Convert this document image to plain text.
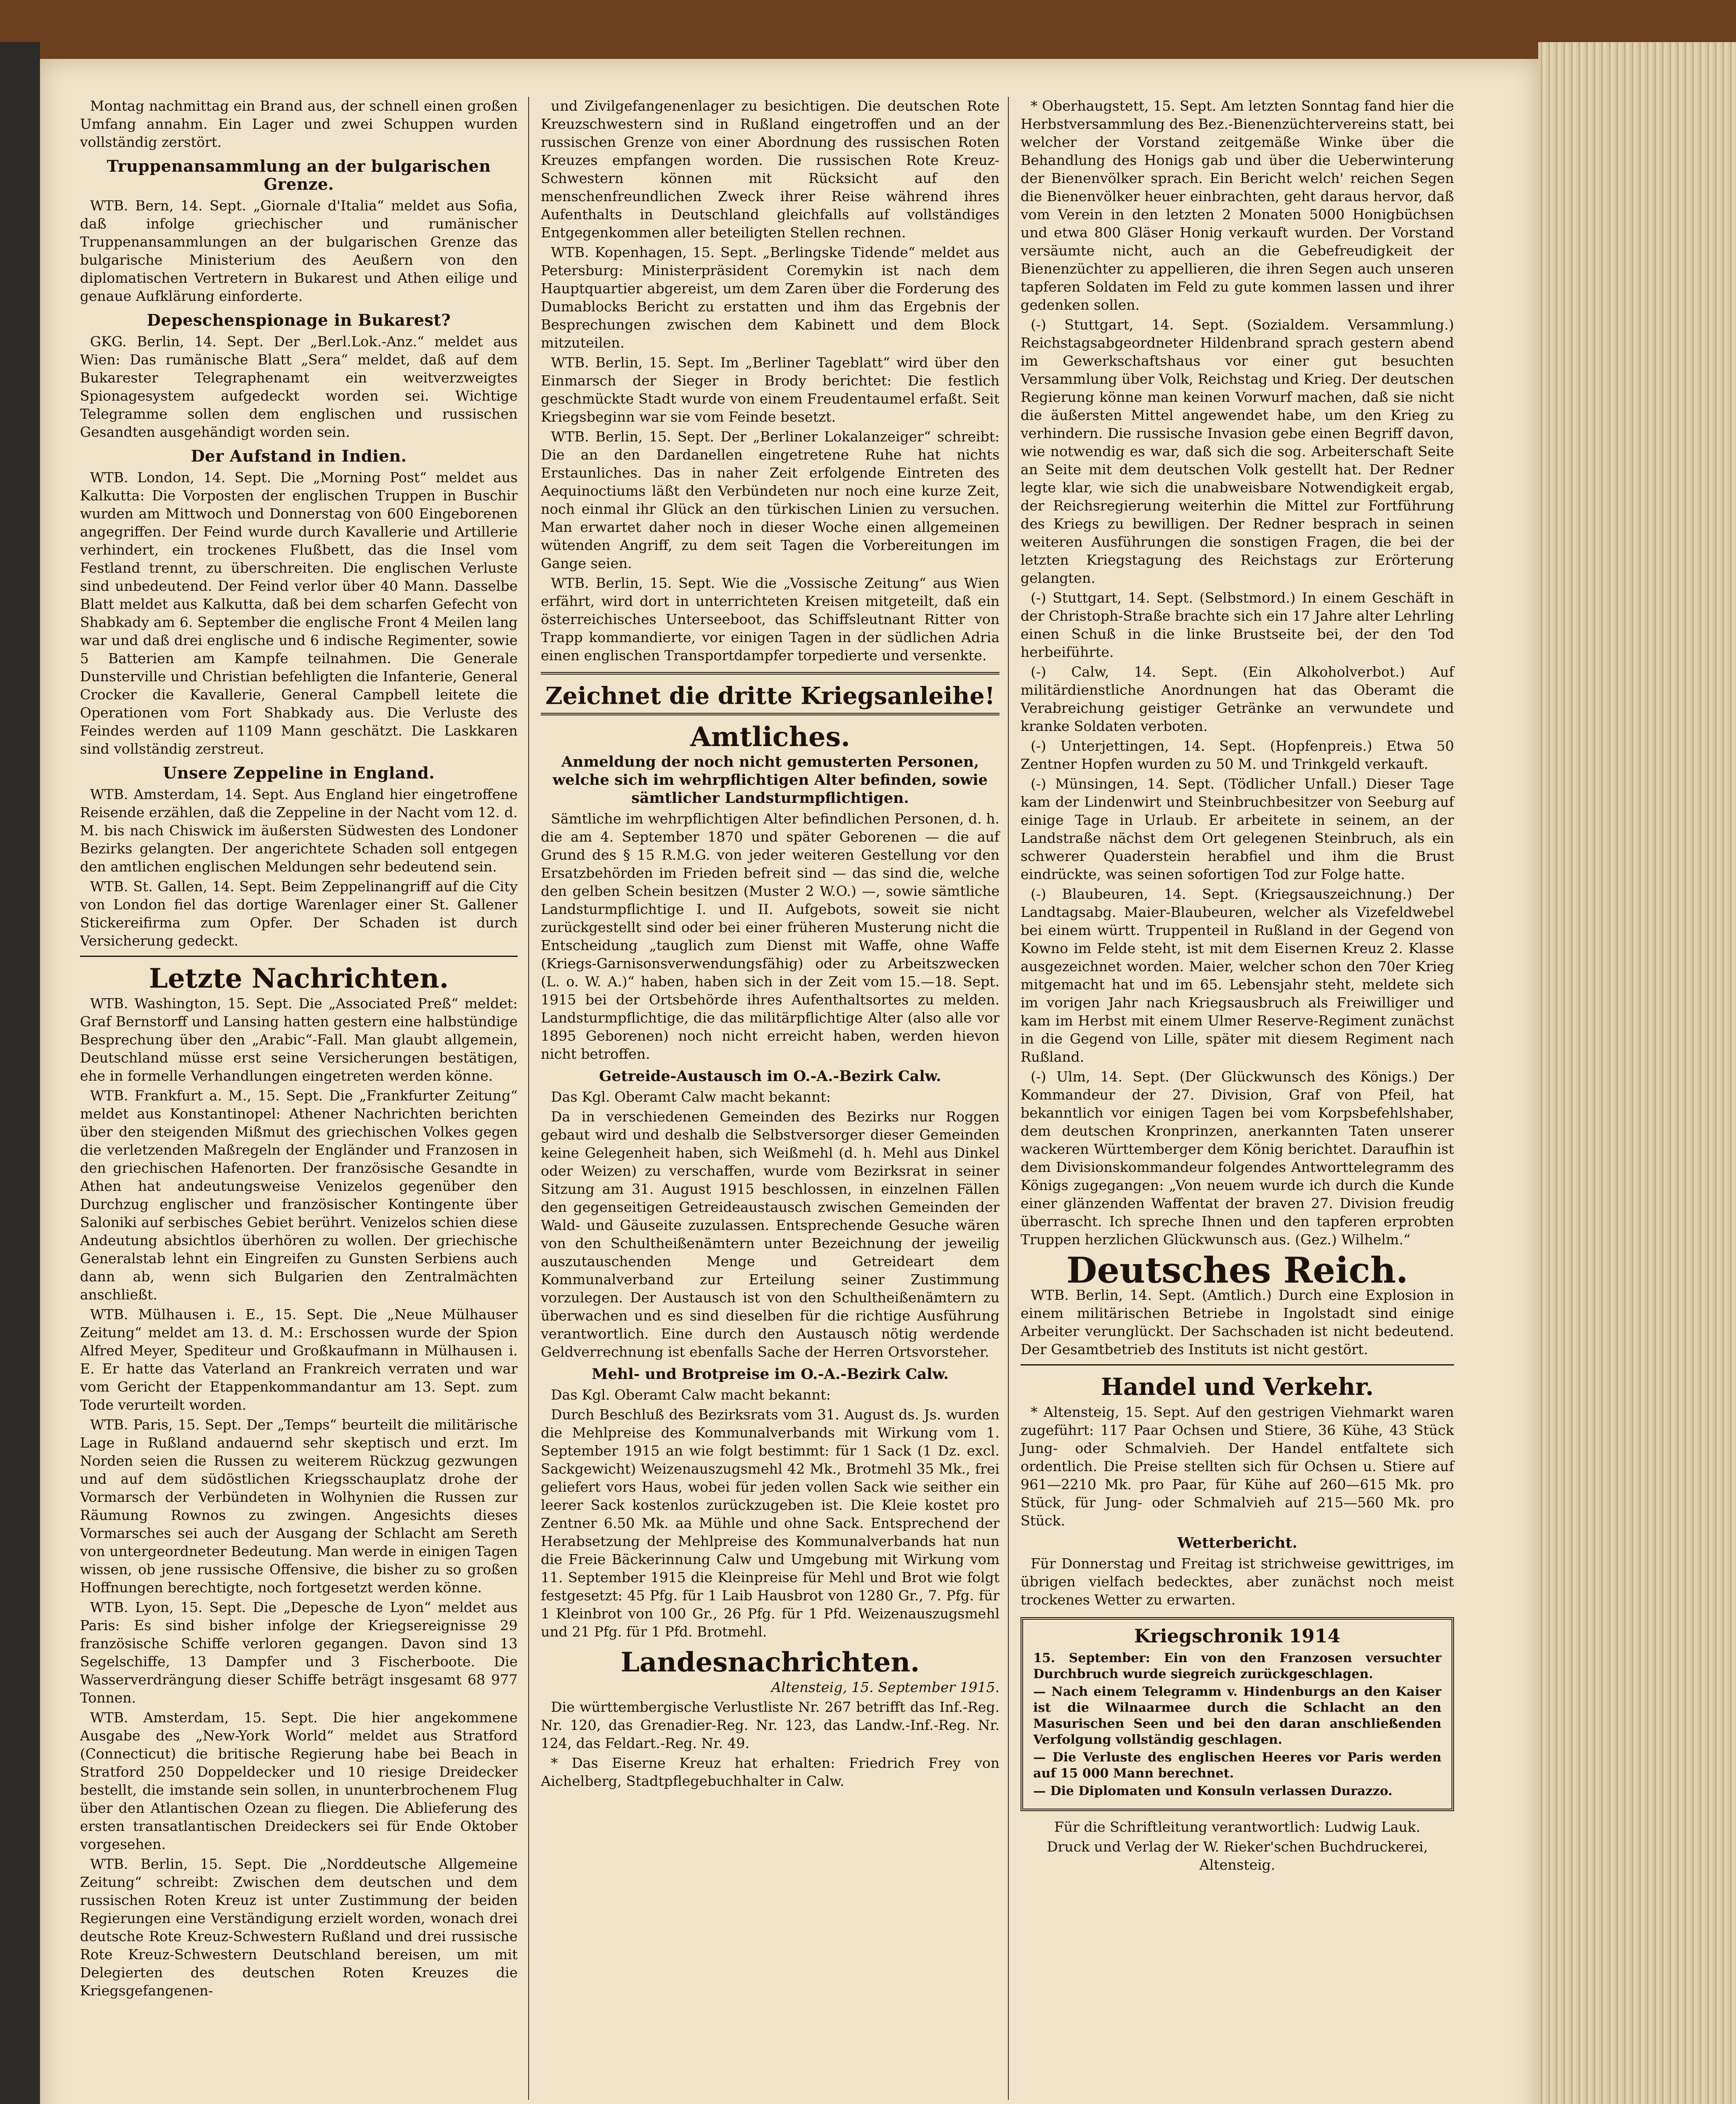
Montag nachmittag ein Brand aus, der schnell einen großen Umfang annahm. Ein Lager und zwei Schuppen wurden vollständig zerstört.

Truppenansammlung an der bulgarischen Grenze.

WTB. Bern, 14. Sept. „Giornale d'Italia“ meldet aus Sofia, daß infolge griechischer und rumänischer Truppenansammlungen an der bulgarischen Grenze das bulgarische Ministerium des Aeußern von den diplomatischen Vertretern in Bukarest und Athen eilige und genaue Aufklärung einforderte.

Depeschenspionage in Bukarest?

GKG. Berlin, 14. Sept. Der „Berl.Lok.-Anz.“ meldet aus Wien: Das rumänische Blatt „Sera“ meldet, daß auf dem Bukarester Telegraphenamt ein weitverzweigtes Spionagesystem aufgedeckt worden sei. Wichtige Telegramme sollen dem englischen und russischen Gesandten ausgehändigt worden sein.

Der Aufstand in Indien.

WTB. London, 14. Sept. Die „Morning Post“ meldet aus Kalkutta: Die Vorposten der englischen Truppen in Buschir wurden am Mittwoch und Donnerstag von 600 Eingeborenen angegriffen. Der Feind wurde durch Kavallerie und Artillerie verhindert, ein trockenes Flußbett, das die Insel vom Festland trennt, zu überschreiten. Die englischen Verluste sind unbedeutend. Der Feind verlor über 40 Mann. Dasselbe Blatt meldet aus Kalkutta, daß bei dem scharfen Gefecht von Shabkady am 6. September die englische Front 4 Meilen lang war und daß drei englische und 6 indische Regimenter, sowie 5 Batterien am Kampfe teilnahmen. Die Generale Dunsterville und Christian befehligten die Infanterie, General Crocker die Kavallerie, General Campbell leitete die Operationen vom Fort Shabkady aus. Die Verluste des Feindes werden auf 1109 Mann geschätzt. Die Laskkaren sind vollständig zerstreut.

Unsere Zeppeline in England.

WTB. Amsterdam, 14. Sept. Aus England hier eingetroffene Reisende erzählen, daß die Zeppeline in der Nacht vom 12. d. M. bis nach Chiswick im äußersten Südwesten des Londoner Bezirks gelangten. Der angerichtete Schaden soll entgegen den amtlichen englischen Meldungen sehr bedeutend sein.

WTB. St. Gallen, 14. Sept. Beim Zeppelinangriff auf die City von London fiel das dortige Warenlager einer St. Gallener Stickereifirma zum Opfer. Der Schaden ist durch Versicherung gedeckt.

Letzte Nachrichten.

WTB. Washington, 15. Sept. Die „Associated Preß“ meldet: Graf Bernstorff und Lansing hatten gestern eine halbstündige Besprechung über den „Arabic“-Fall. Man glaubt allgemein, Deutschland müsse erst seine Versicherungen bestätigen, ehe in formelle Verhandlungen eingetreten werden könne.

WTB. Frankfurt a. M., 15. Sept. Die „Frankfurter Zeitung“ meldet aus Konstantinopel: Athener Nachrichten berichten über den steigenden Mißmut des griechischen Volkes gegen die verletzenden Maßregeln der Engländer und Franzosen in den griechischen Hafenorten. Der französische Gesandte in Athen hat andeutungsweise Venizelos gegenüber den Durchzug englischer und französischer Kontingente über Saloniki auf serbisches Gebiet berührt. Venizelos schien diese Andeutung absichtlos überhören zu wollen. Der griechische Generalstab lehnt ein Eingreifen zu Gunsten Serbiens auch dann ab, wenn sich Bulgarien den Zentralmächten anschließt.

WTB. Mülhausen i. E., 15. Sept. Die „Neue Mülhauser Zeitung“ meldet am 13. d. M.: Erschossen wurde der Spion Alfred Meyer, Spediteur und Großkaufmann in Mülhausen i. E. Er hatte das Vaterland an Frankreich verraten und war vom Gericht der Etappenkommandantur am 13. Sept. zum Tode verurteilt worden.

WTB. Paris, 15. Sept. Der „Temps“ beurteilt die militärische Lage in Rußland andauernd sehr skeptisch und erzt. Im Norden seien die Russen zu weiterem Rückzug gezwungen und auf dem südöstlichen Kriegsschauplatz drohe der Vormarsch der Verbündeten in Wolhynien die Russen zur Räumung Rownos zu zwingen. Angesichts dieses Vormarsches sei auch der Ausgang der Schlacht am Sereth von untergeordneter Bedeutung. Man werde in einigen Tagen wissen, ob jene russische Offensive, die bisher zu so großen Hoffnungen berechtigte, noch fortgesetzt werden könne.

WTB. Lyon, 15. Sept. Die „Depesche de Lyon“ meldet aus Paris: Es sind bisher infolge der Kriegsereignisse 29 französische Schiffe verloren gegangen. Davon sind 13 Segelschiffe, 13 Dampfer und 3 Fischerboote. Die Wasserverdrängung dieser Schiffe beträgt insgesamt 68 977 Tonnen.

WTB. Amsterdam, 15. Sept. Die hier angekommene Ausgabe des „New-York World“ meldet aus Stratford (Connecticut) die britische Regierung habe bei Beach in Stratford 250 Doppeldecker und 10 riesige Dreidecker bestellt, die imstande sein sollen, in ununterbrochenem Flug über den Atlantischen Ozean zu fliegen. Die Ablieferung des ersten transatlantischen Dreideckers sei für Ende Oktober vorgesehen.

WTB. Berlin, 15. Sept. Die „Norddeutsche Allgemeine Zeitung“ schreibt: Zwischen dem deutschen und dem russischen Roten Kreuz ist unter Zustimmung der beiden Regierungen eine Verständigung erzielt worden, wonach drei deutsche Rote Kreuz-Schwestern Rußland und drei russische Rote Kreuz-Schwestern Deutschland bereisen, um mit Delegierten des deutschen Roten Kreuzes die Kriegsgefangenen-

und Zivilgefangenenlager zu besichtigen. Die deutschen Rote Kreuzschwestern sind in Rußland eingetroffen und an der russischen Grenze von einer Abordnung des russischen Roten Kreuzes empfangen worden. Die russischen Rote Kreuz-Schwestern können mit Rücksicht auf den menschenfreundlichen Zweck ihrer Reise während ihres Aufenthalts in Deutschland gleichfalls auf vollständiges Entgegenkommen aller beteiligten Stellen rechnen.

WTB. Kopenhagen, 15. Sept. „Berlingske Tidende“ meldet aus Petersburg: Ministerpräsident Coremykin ist nach dem Hauptquartier abgereist, um dem Zaren über die Forderung des Dumablocks Bericht zu erstatten und ihm das Ergebnis der Besprechungen zwischen dem Kabinett und dem Block mitzuteilen.

WTB. Berlin, 15. Sept. Im „Berliner Tageblatt“ wird über den Einmarsch der Sieger in Brody berichtet: Die festlich geschmückte Stadt wurde von einem Freudentaumel erfaßt. Seit Kriegsbeginn war sie vom Feinde besetzt.

WTB. Berlin, 15. Sept. Der „Berliner Lokalanzeiger“ schreibt: Die an den Dardanellen eingetretene Ruhe hat nichts Erstaunliches. Das in naher Zeit erfolgende Eintreten des Aequinoctiums läßt den Verbündeten nur noch eine kurze Zeit, noch einmal ihr Glück an den türkischen Linien zu versuchen. Man erwartet daher noch in dieser Woche einen allgemeinen wütenden Angriff, zu dem seit Tagen die Vorbereitungen im Gange seien.

WTB. Berlin, 15. Sept. Wie die „Vossische Zeitung“ aus Wien erfährt, wird dort in unterrichteten Kreisen mitgeteilt, daß ein österreichisches Unterseeboot, das Schiffsleutnant Ritter von Trapp kommandierte, vor einigen Tagen in der südlichen Adria einen englischen Transportdampfer torpedierte und versenkte.

Zeichnet die dritte Kriegsanleihe!
Amtliches.

Anmeldung der noch nicht gemusterten Personen, welche sich im wehrpflichtigen Alter befinden, sowie sämtlicher Landsturmpflichtigen.

Sämtliche im wehrpflichtigen Alter befindlichen Personen, d. h. die am 4. September 1870 und später Geborenen — die auf Grund des § 15 R.M.G. von jeder weiteren Gestellung vor den Ersatzbehörden im Frieden befreit sind — das sind die, welche den gelben Schein besitzen (Muster 2 W.O.) —, sowie sämtliche Landsturmpflichtige I. und II. Aufgebots, soweit sie nicht zurückgestellt sind oder bei einer früheren Musterung nicht die Entscheidung „tauglich zum Dienst mit Waffe, ohne Waffe (Kriegs-Garnisonsverwendungsfähig) oder zu Arbeitszwecken (L. o. W. A.)“ haben, haben sich in der Zeit vom 15.—18. Sept. 1915 bei der Ortsbehörde ihres Aufenthaltsortes zu melden. Landsturmpflichtige, die das militärpflichtige Alter (also alle vor 1895 Geborenen) noch nicht erreicht haben, werden hievon nicht betroffen.

Getreide-Austausch im O.-A.-Bezirk Calw.

Das Kgl. Oberamt Calw macht bekannt:

Da in verschiedenen Gemeinden des Bezirks nur Roggen gebaut wird und deshalb die Selbstversorger dieser Gemeinden keine Gelegenheit haben, sich Weißmehl (d. h. Mehl aus Dinkel oder Weizen) zu verschaffen, wurde vom Bezirksrat in seiner Sitzung am 31. August 1915 beschlossen, in einzelnen Fällen den gegenseitigen Getreideaustausch zwischen Gemeinden der Wald- und Gäuseite zuzulassen. Entsprechende Gesuche wären von den Schultheißenämtern unter Bezeichnung der jeweilig auszutauschenden Menge und Getreideart dem Kommunalverband zur Erteilung seiner Zustimmung vorzulegen. Der Austausch ist von den Schultheißenämtern zu überwachen und es sind dieselben für die richtige Ausführung verantwortlich. Eine durch den Austausch nötig werdende Geldverrechnung ist ebenfalls Sache der Herren Ortsvorsteher.

Mehl- und Brotpreise im O.-A.-Bezirk Calw.

Das Kgl. Oberamt Calw macht bekannt:

Durch Beschluß des Bezirksrats vom 31. August ds. Js. wurden die Mehlpreise des Kommunalverbands mit Wirkung vom 1. September 1915 an wie folgt bestimmt: für 1 Sack (1 Dz. excl. Sackgewicht) Weizenauszugsmehl 42 Mk., Brotmehl 35 Mk., frei geliefert vors Haus, wobei für jeden vollen Sack wie seither ein leerer Sack kostenlos zurückzugeben ist. Die Kleie kostet pro Zentner 6.50 Mk. aa Mühle und ohne Sack. Entsprechend der Herabsetzung der Mehlpreise des Kommunalverbands hat nun die Freie Bäckerinnung Calw und Umgebung mit Wirkung vom 11. September 1915 die Kleinpreise für Mehl und Brot wie folgt festgesetzt: 45 Pfg. für 1 Laib Hausbrot von 1280 Gr., 7. Pfg. für 1 Kleinbrot von 100 Gr., 26 Pfg. für 1 Pfd. Weizenauszugsmehl und 21 Pfg. für 1 Pfd. Brotmehl.

Landesnachrichten.

Altensteig, 15. September 1915.

Die württembergische Verlustliste Nr. 267 betrifft das Inf.-Reg. Nr. 120, das Grenadier-Reg. Nr. 123, das Landw.-Inf.-Reg. Nr. 124, das Feldart.-Reg. Nr. 49.

* Das Eiserne Kreuz hat erhalten: Friedrich Frey von Aichelberg, Stadtpflegebuchhalter in Calw.

* Oberhaugstett, 15. Sept. Am letzten Sonntag fand hier die Herbstversammlung des Bez.-Bienenzüchtervereins statt, bei welcher der Vorstand zeitgemäße Winke über die Behandlung des Honigs gab und über die Ueberwinterung der Bienenvölker sprach. Ein Bericht welch' reichen Segen die Bienenvölker heuer einbrachten, geht daraus hervor, daß vom Verein in den letzten 2 Monaten 5000 Honigbüchsen und etwa 800 Gläser Honig verkauft wurden. Der Vorstand versäumte nicht, auch an die Gebefreudigkeit der Bienenzüchter zu appellieren, die ihren Segen auch unseren tapferen Soldaten im Feld zu gute kommen lassen und ihrer gedenken sollen.

(-) Stuttgart, 14. Sept. (Sozialdem. Versammlung.) Reichstagsabgeordneter Hildenbrand sprach gestern abend im Gewerkschaftshaus vor einer gut besuchten Versammlung über Volk, Reichstag und Krieg. Der deutschen Regierung könne man keinen Vorwurf machen, daß sie nicht die äußersten Mittel angewendet habe, um den Krieg zu verhindern. Die russische Invasion gebe einen Begriff davon, wie notwendig es war, daß sich die sog. Arbeiterschaft Seite an Seite mit dem deutschen Volk gestellt hat. Der Redner legte klar, wie sich die unabweisbare Notwendigkeit ergab, der Reichsregierung weiterhin die Mittel zur Fortführung des Kriegs zu bewilligen. Der Redner besprach in seinen weiteren Ausführungen die sonstigen Fragen, die bei der letzten Kriegstagung des Reichstags zur Erörterung gelangten.

(-) Stuttgart, 14. Sept. (Selbstmord.) In einem Geschäft in der Christoph-Straße brachte sich ein 17 Jahre alter Lehrling einen Schuß in die linke Brustseite bei, der den Tod herbeiführte.

(-) Calw, 14. Sept. (Ein Alkoholverbot.) Auf militärdienstliche Anordnungen hat das Oberamt die Verabreichung geistiger Getränke an verwundete und kranke Soldaten verboten.

(-) Unterjettingen, 14. Sept. (Hopfenpreis.) Etwa 50 Zentner Hopfen wurden zu 50 M. und Trinkgeld verkauft.

(-) Münsingen, 14. Sept. (Tödlicher Unfall.) Dieser Tage kam der Lindenwirt und Steinbruchbesitzer von Seeburg auf einige Tage in Urlaub. Er arbeitete in seinem, an der Landstraße nächst dem Ort gelegenen Steinbruch, als ein schwerer Quaderstein herabfiel und ihm die Brust eindrückte, was seinen sofortigen Tod zur Folge hatte.

(-) Blaubeuren, 14. Sept. (Kriegsauszeichnung.) Der Landtagsabg. Maier-Blaubeuren, welcher als Vizefeldwebel bei einem württ. Truppenteil in Rußland in der Gegend von Kowno im Felde steht, ist mit dem Eisernen Kreuz 2. Klasse ausgezeichnet worden. Maier, welcher schon den 70er Krieg mitgemacht hat und im 65. Lebensjahr steht, meldete sich im vorigen Jahr nach Kriegsausbruch als Freiwilliger und kam im Herbst mit einem Ulmer Reserve-Regiment zunächst in die Gegend von Lille, später mit diesem Regiment nach Rußland.

(-) Ulm, 14. Sept. (Der Glückwunsch des Königs.) Der Kommandeur der 27. Division, Graf von Pfeil, hat bekanntlich vor einigen Tagen bei vom Korpsbefehlshaber, dem deutschen Kronprinzen, anerkannten Taten unserer wackeren Württemberger dem König berichtet. Daraufhin ist dem Divisionskommandeur folgendes Antworttelegramm des Königs zugegangen: „Von neuem wurde ich durch die Kunde einer glänzenden Waffentat der braven 27. Division freudig überrascht. Ich spreche Ihnen und den tapferen erprobten Truppen herzlichen Glückwunsch aus. (Gez.) Wilhelm.“

Deutsches Reich.

WTB. Berlin, 14. Sept. (Amtlich.) Durch eine Explosion in einem militärischen Betriebe in Ingolstadt sind einige Arbeiter verunglückt. Der Sachschaden ist nicht bedeutend. Der Gesamtbetrieb des Instituts ist nicht gestört.

Handel und Verkehr.

* Altensteig, 15. Sept. Auf den gestrigen Viehmarkt waren zugeführt: 117 Paar Ochsen und Stiere, 36 Kühe, 43 Stück Jung- oder Schmalvieh. Der Handel entfaltete sich ordentlich. Die Preise stellten sich für Ochsen u. Stiere auf 961—2210 Mk. pro Paar, für Kühe auf 260—615 Mk. pro Stück, für Jung- oder Schmalvieh auf 215—560 Mk. pro Stück.

Wetterbericht.

Für Donnerstag und Freitag ist strichweise gewittriges, im übrigen vielfach bedecktes, aber zunächst noch meist trockenes Wetter zu erwarten.

Kriegschronik 1914

15. September: Ein von den Franzosen versuchter Durchbruch wurde siegreich zurückgeschlagen.

— Nach einem Telegramm v. Hindenburgs an den Kaiser ist die Wilnaarmee durch die Schlacht an den Masurischen Seen und bei den daran anschließenden Verfolgung vollständig geschlagen.

— Die Verluste des englischen Heeres vor Paris werden auf 15 000 Mann berechnet.

— Die Diplomaten und Konsuln verlassen Durazzo.

Für die Schriftleitung verantwortlich: Ludwig Lauk.

Druck und Verlag der W. Rieker'schen Buchdruckerei, Altensteig.
